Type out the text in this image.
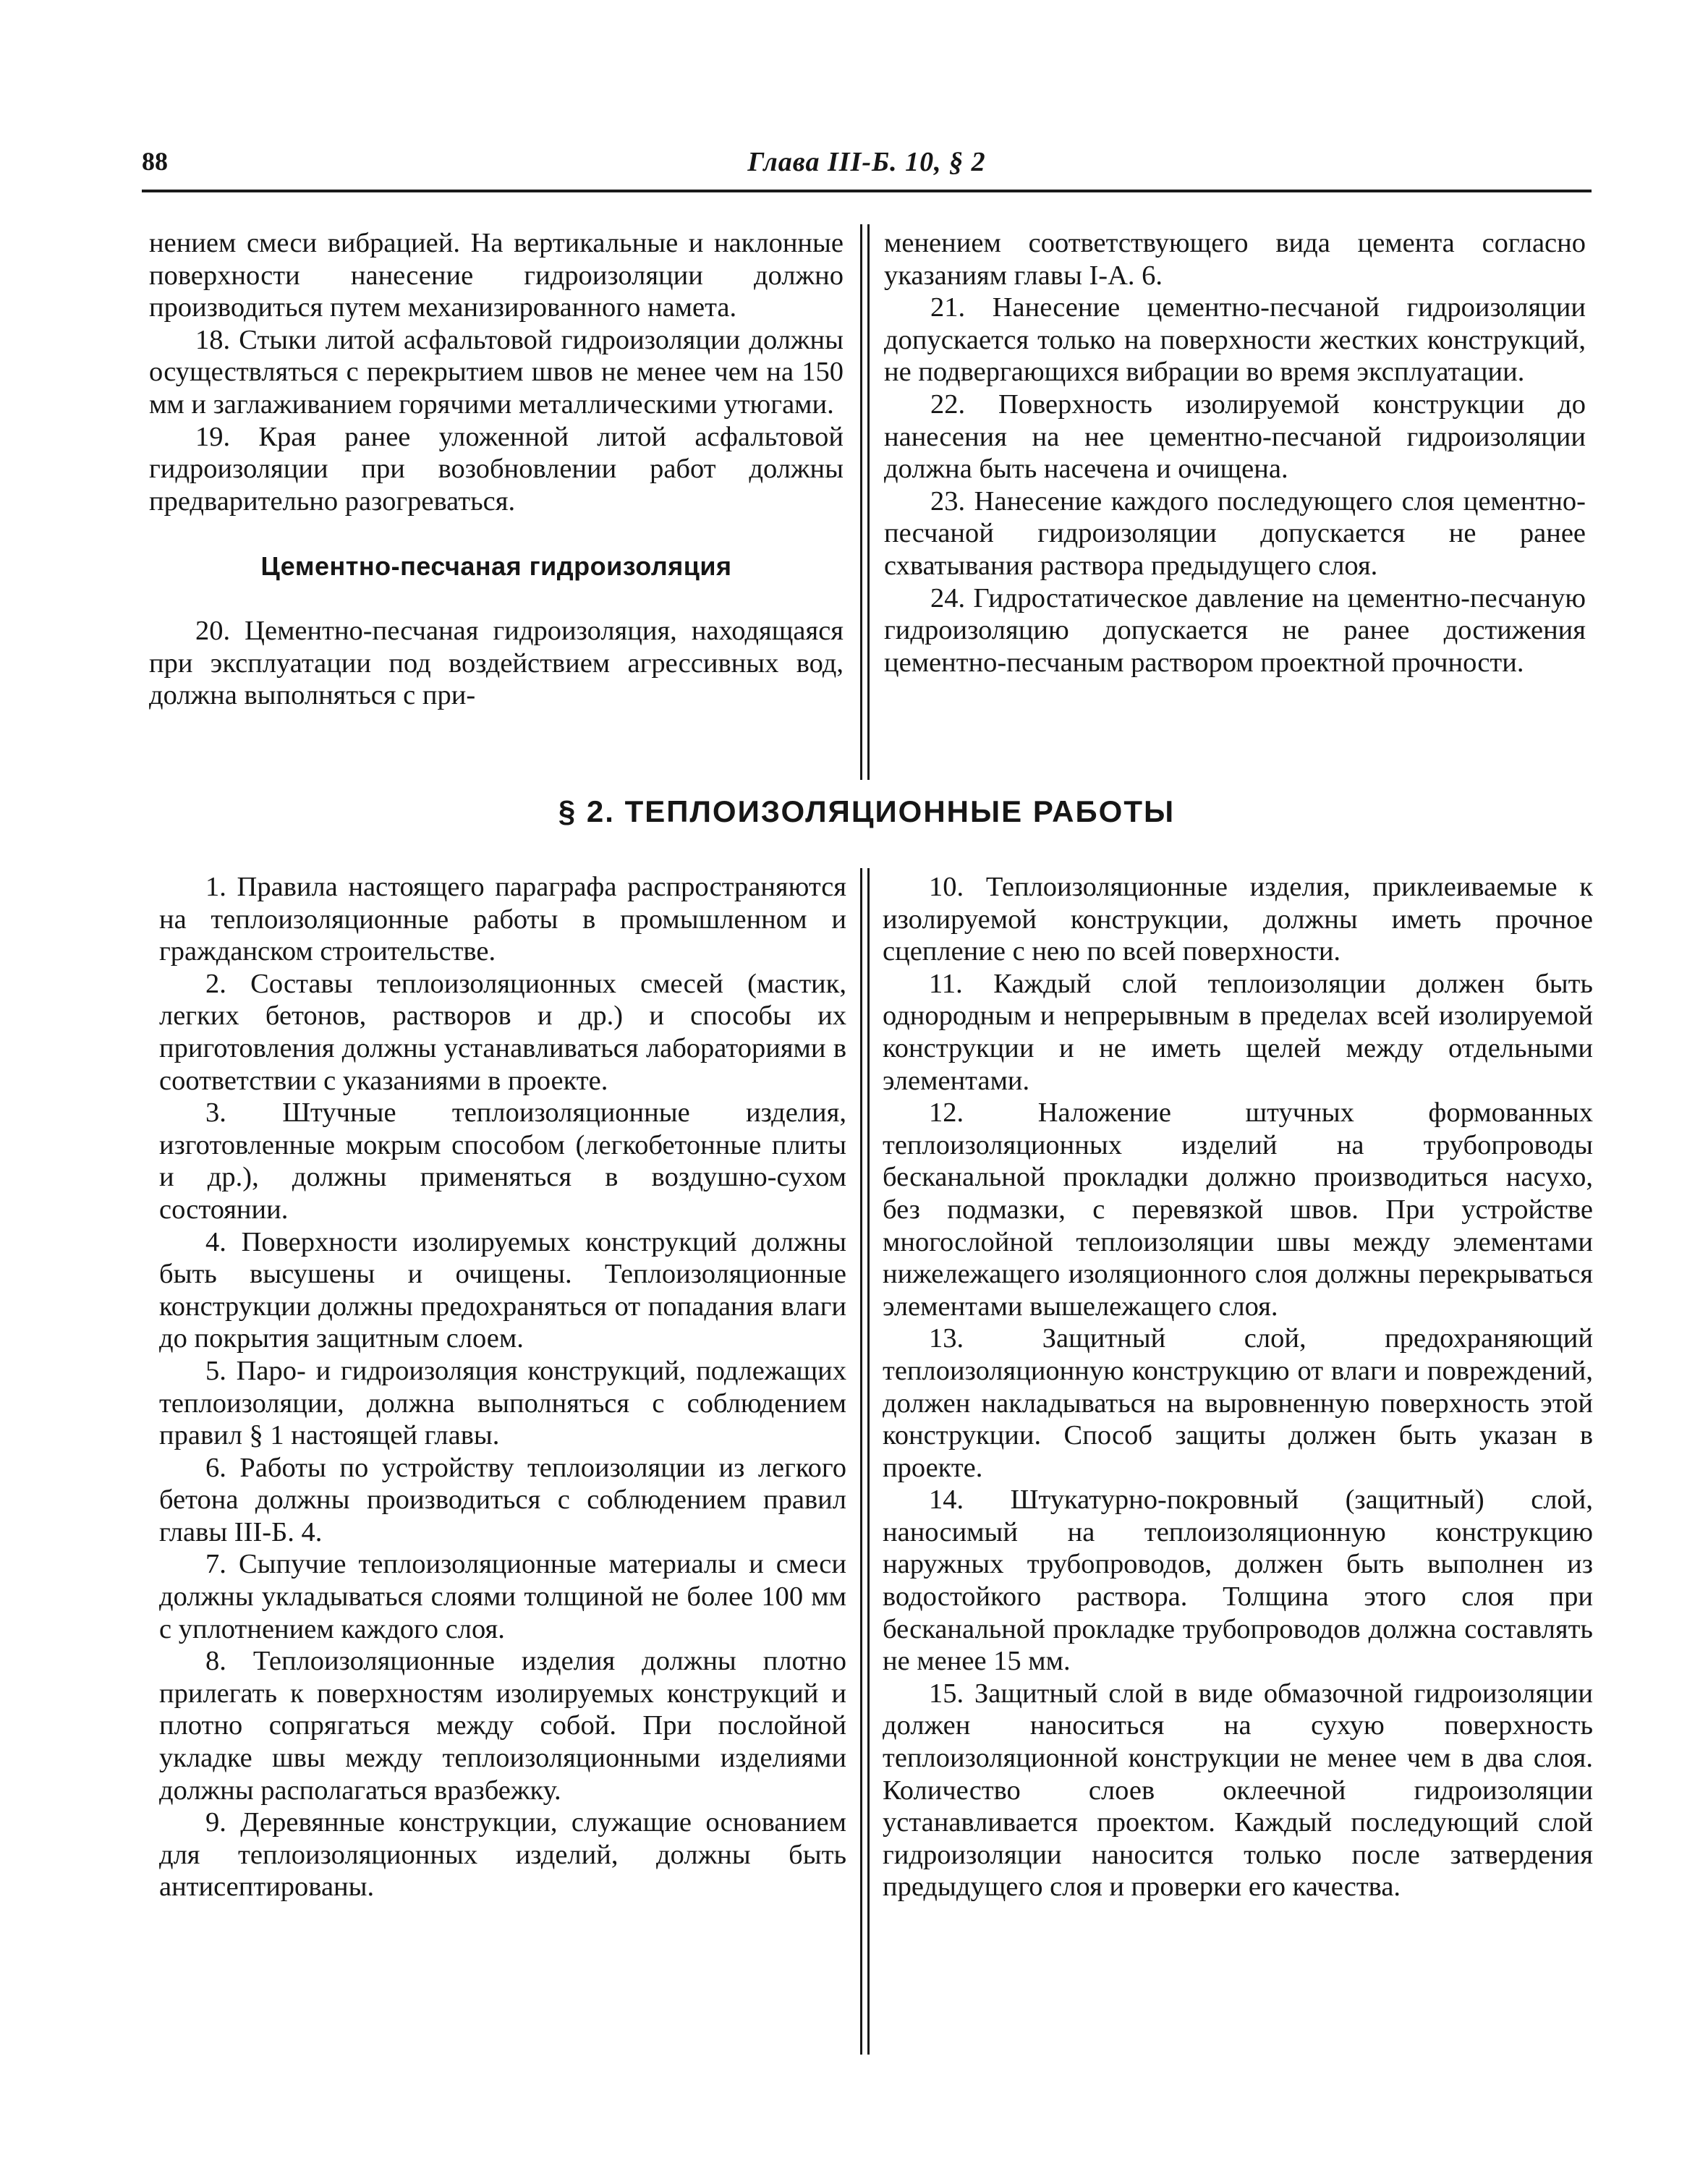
88	Глава III-Б. 10, § 2

нением смеси вибрацией. На вертикальные и наклонные поверхности нанесение гидроизоляции должно производиться путем механизированного намета.

18. Стыки литой асфальтовой гидроизоляции должны осуществляться с перекрытием швов не менее чем на 150 мм и заглаживанием горячими металлическими утюгами.

19. Края ранее уложенной литой асфальтовой гидроизоляции при возобновлении работ должны предварительно разогреваться.

Цементно-песчаная гидроизоляция

20. Цементно-песчаная гидроизоляция, находящаяся при эксплуатации под воздействием агрессивных вод, должна выполняться с при-

менением соответствующего вида цемента согласно указаниям главы I-А. 6.

21. Нанесение цементно-песчаной гидроизоляции допускается только на поверхности жестких конструкций, не подвергающихся вибрации во время эксплуатации.

22. Поверхность изолируемой конструкции до нанесения на нее цементно-песчаной гидроизоляции должна быть насечена и очищена.

23. Нанесение каждого последующего слоя цементно-песчаной гидроизоляции допускается не ранее схватывания раствора предыдущего слоя.

24. Гидростатическое давление на цементно-песчаную гидроизоляцию допускается не ранее достижения цементно-песчаным раствором проектной прочности.

§ 2. ТЕПЛОИЗОЛЯЦИОННЫЕ РАБОТЫ

1. Правила настоящего параграфа распространяются на теплоизоляционные работы в промышленном и гражданском строительстве.

2. Составы теплоизоляционных смесей (мастик, легких бетонов, растворов и др.) и способы их приготовления должны устанавливаться лабораториями в соответствии с указаниями в проекте.

3. Штучные теплоизоляционные изделия, изготовленные мокрым способом (легкобетонные плиты и др.), должны применяться в воздушно-сухом состоянии.

4. Поверхности изолируемых конструкций должны быть высушены и очищены. Теплоизоляционные конструкции должны предохраняться от попадания влаги до покрытия защитным слоем.

5. Паро- и гидроизоляция конструкций, подлежащих теплоизоляции, должна выполняться с соблюдением правил § 1 настоящей главы.

6. Работы по устройству теплоизоляции из легкого бетона должны производиться с соблюдением правил главы III-Б. 4.

7. Сыпучие теплоизоляционные материалы и смеси должны укладываться слоями толщиной не более 100 мм с уплотнением каждого слоя.

8. Теплоизоляционные изделия должны плотно прилегать к поверхностям изолируемых конструкций и плотно сопрягаться между собой. При послойной укладке швы между теплоизоляционными изделиями должны располагаться вразбежку.

9. Деревянные конструкции, служащие основанием для теплоизоляционных изделий, должны быть антисептированы.

10. Теплоизоляционные изделия, приклеиваемые к изолируемой конструкции, должны иметь прочное сцепление с нею по всей поверхности.

11. Каждый слой теплоизоляции должен быть однородным и непрерывным в пределах всей изолируемой конструкции и не иметь щелей между отдельными элементами.

12. Наложение штучных формованных теплоизоляционных изделий на трубопроводы бесканальной прокладки должно производиться насухо, без подмазки, с перевязкой швов. При устройстве многослойной теплоизоляции швы между элементами нижележащего изоляционного слоя должны перекрываться элементами вышележащего слоя.

13. Защитный слой, предохраняющий теплоизоляционную конструкцию от влаги и повреждений, должен накладываться на выровненную поверхность этой конструкции. Способ защиты должен быть указан в проекте.

14. Штукатурно-покровный (защитный) слой, наносимый на теплоизоляционную конструкцию наружных трубопроводов, должен быть выполнен из водостойкого раствора. Толщина этого слоя при бесканальной прокладке трубопроводов должна составлять не менее 15 мм.

15. Защитный слой в виде обмазочной гидроизоляции должен наноситься на сухую поверхность теплоизоляционной конструкции не менее чем в два слоя. Количество слоев оклеечной гидроизоляции устанавливается проектом. Каждый последующий слой гидроизоляции наносится только после затвердения предыдущего слоя и проверки его качества.
